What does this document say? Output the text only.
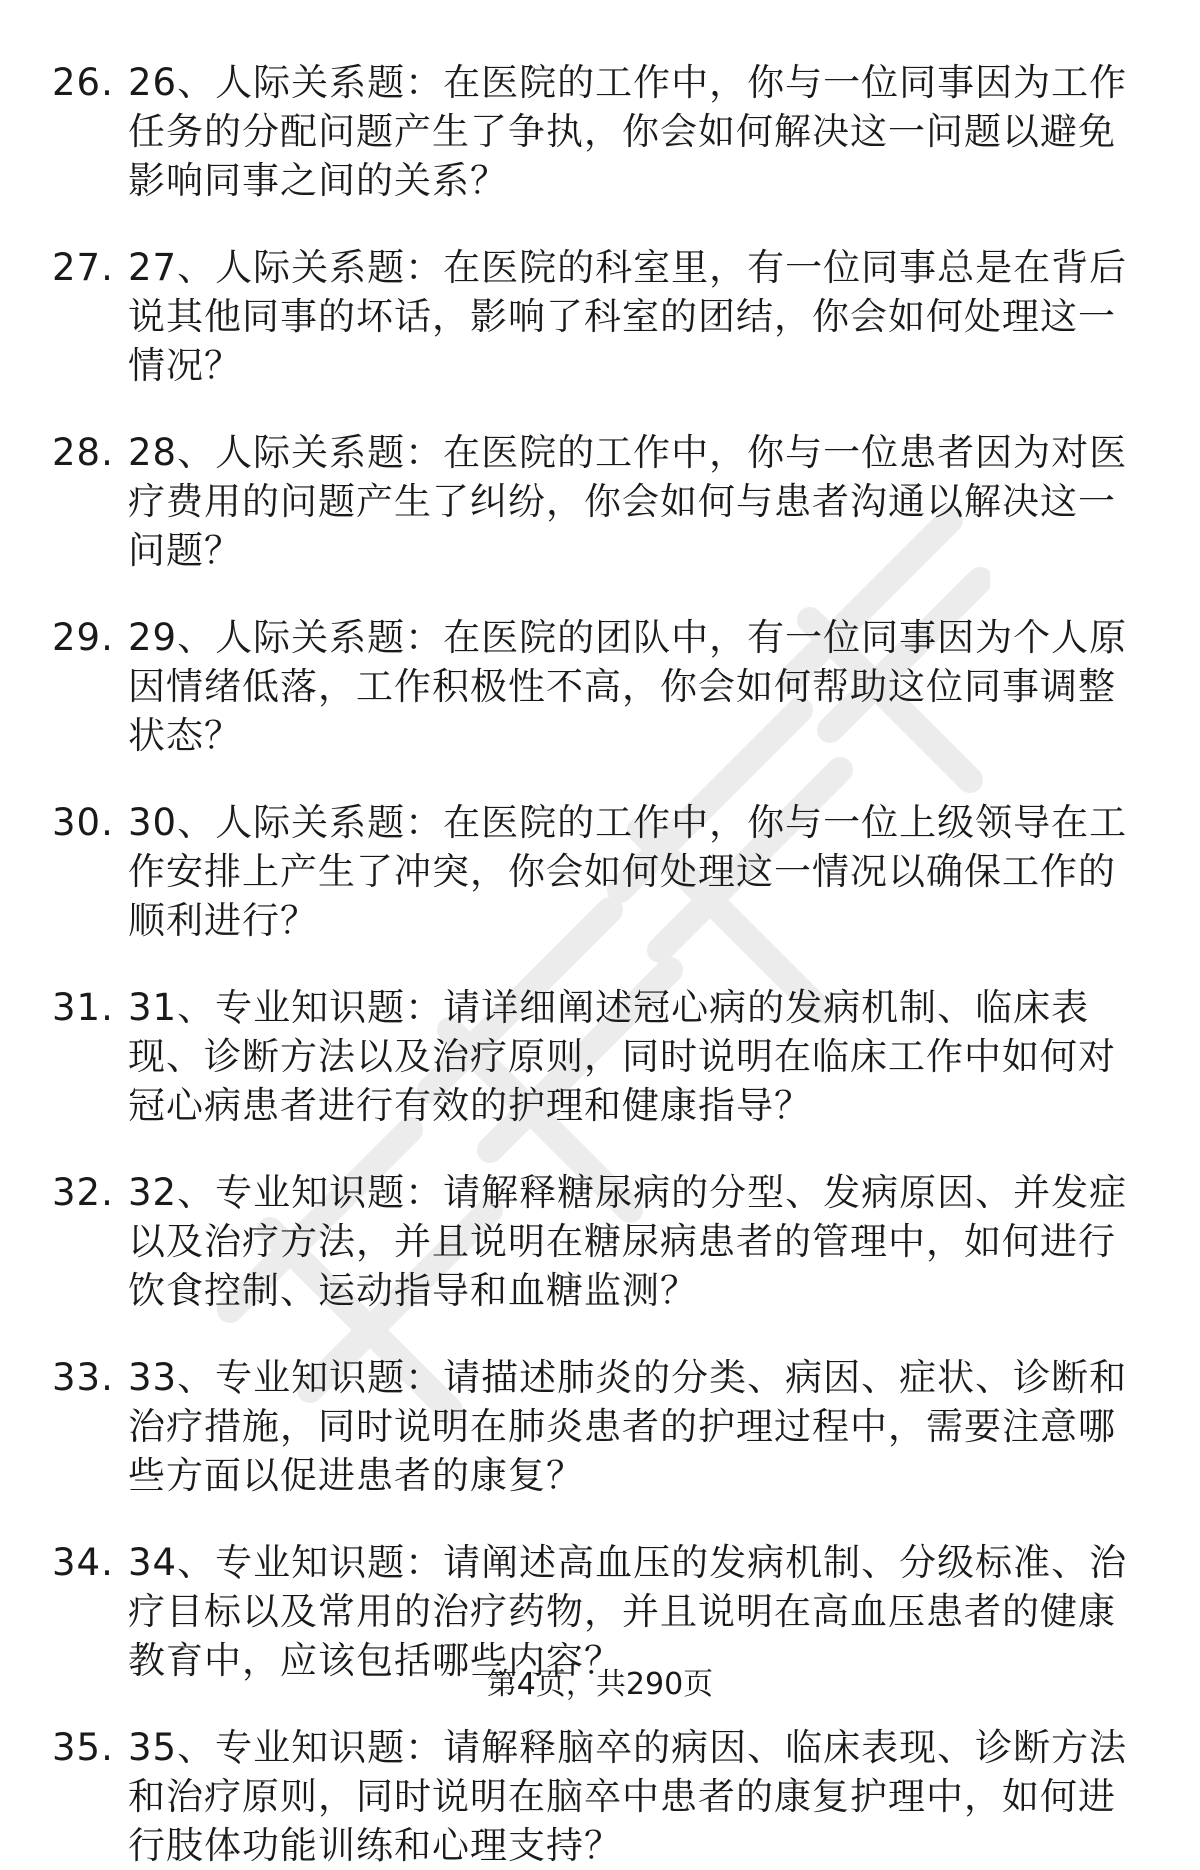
26. 26、人际关系题：在医院的工作中，你与一位同事因为工作任务的分配问题产生了争执，你会如何解决这一问题以避免影响同事之间的关系？
27. 27、人际关系题：在医院的科室里，有一位同事总是在背后说其他同事的坏话，影响了科室的团结，你会如何处理这一情况？
28. 28、人际关系题：在医院的工作中，你与一位患者因为对医疗费用的问题产生了纠纷，你会如何与患者沟通以解决这一问题？
29. 29、人际关系题：在医院的团队中，有一位同事因为个人原因情绪低落，工作积极性不高，你会如何帮助这位同事调整状态？
30. 30、人际关系题：在医院的工作中，你与一位上级领导在工作安排上产生了冲突，你会如何处理这一情况以确保工作的顺利进行？
31. 31、专业知识题：请详细阐述冠心病的发病机制、临床表现、诊断方法以及治疗原则，同时说明在临床工作中如何对冠心病患者进行有效的护理和健康指导？
32. 32、专业知识题：请解释糖尿病的分型、发病原因、并发症以及治疗方法，并且说明在糖尿病患者的管理中，如何进行饮食控制、运动指导和血糖监测？
33. 33、专业知识题：请描述肺炎的分类、病因、症状、诊断和治疗措施，同时说明在肺炎患者的护理过程中，需要注意哪些方面以促进患者的康复？
34. 34、专业知识题：请阐述高血压的发病机制、分级标准、治疗目标以及常用的治疗药物，并且说明在高血压患者的健康教育中，应该包括哪些内容？
35. 35、专业知识题：请解释脑卒的病因、临床表现、诊断方法和治疗原则，同时说明在脑卒中患者的康复护理中，如何进行肢体功能训练和心理支持？
第4页，共290页
